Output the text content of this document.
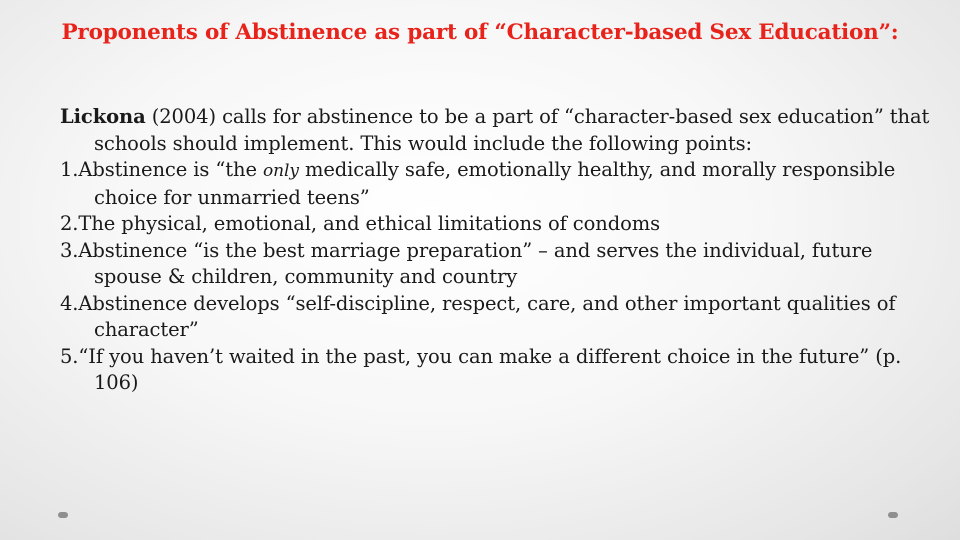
Proponents of Abstinence as part of “Character-based Sex Education”:

Lickona (2004) calls for abstinence to be a part of “character-based sex education” that schools should implement. This would include the following points:

1.Abstinence is “the only medically safe, emotionally healthy, and morally responsible choice for unmarried teens”

2.The physical, emotional, and ethical limitations of condoms

3.Abstinence “is the best marriage preparation” – and serves the individual, future spouse & children, community and country

4.Abstinence develops “self-discipline, respect, care, and other important qualities of character”

5.“If you haven’t waited in the past, you can make a different choice in the future” (p. 106)
